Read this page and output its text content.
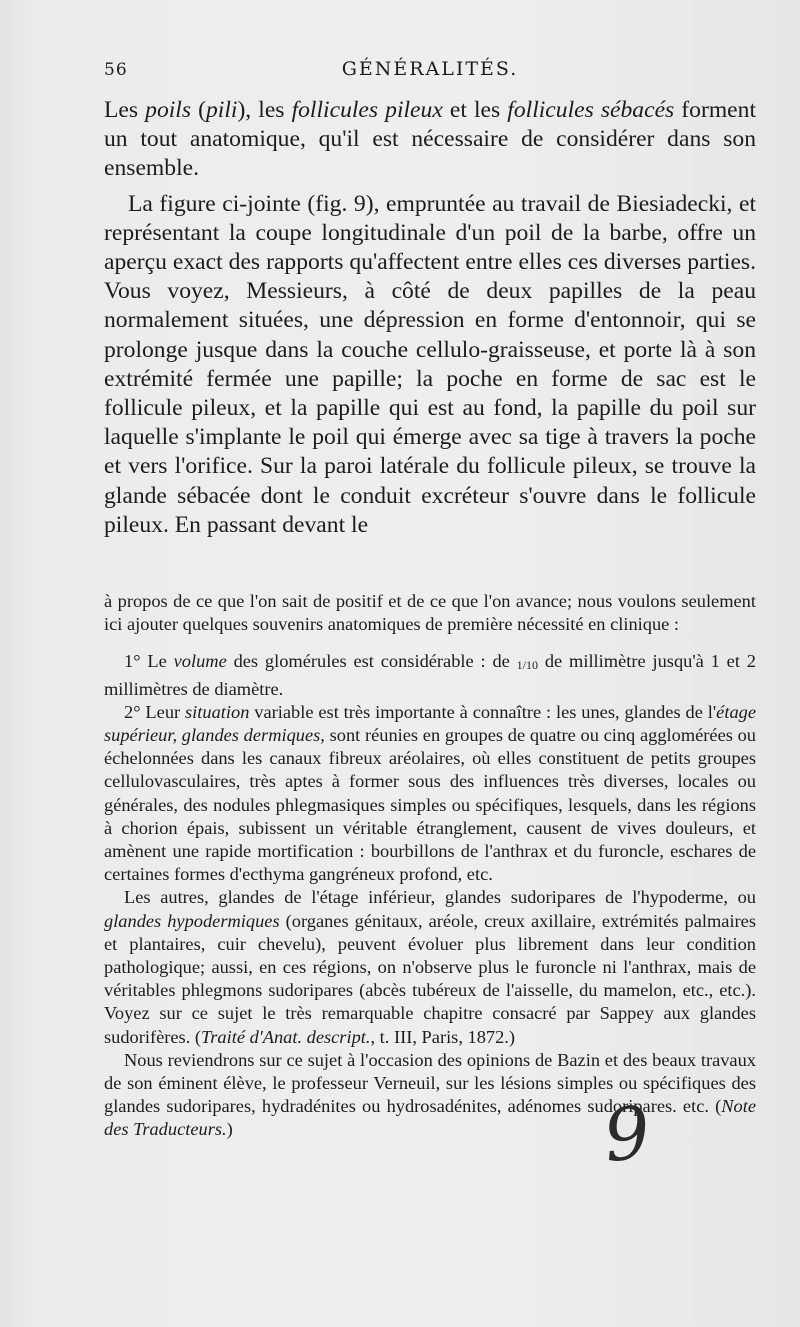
56	GÉNÉRALITÉS.

Les poils (pili), les follicules pileux et les follicules sébacés forment un tout anatomique, qu'il est nécessaire de considérer dans son ensemble.

La figure ci-jointe (fig. 9), empruntée au travail de Biesiadecki, et représentant la coupe longitudinale d'un poil de la barbe, offre un aperçu exact des rapports qu'affectent entre elles ces diverses parties. Vous voyez, Messieurs, à côté de deux papilles de la peau normalement situées, une dépression en forme d'entonnoir, qui se prolonge jusque dans la couche cellulo-graisseuse, et porte là à son extrémité fermée une papille; la poche en forme de sac est le follicule pileux, et la papille qui est au fond, la papille du poil sur laquelle s'implante le poil qui émerge avec sa tige à travers la poche et vers l'orifice. Sur la paroi latérale du follicule pileux, se trouve la glande sébacée dont le conduit excréteur s'ouvre dans le follicule pileux. En passant devant le

à propos de ce que l'on sait de positif et de ce que l'on avance; nous voulons seulement ici ajouter quelques souvenirs anatomiques de première nécessité en clinique :

1° Le volume des glomérules est considérable : de 1/10 de millimètre jusqu'à 1 et 2 millimètres de diamètre.

2° Leur situation variable est très importante à connaître : les unes, glandes de l'étage supérieur, glandes dermiques, sont réunies en groupes de quatre ou cinq agglomérées ou échelonnées dans les canaux fibreux aréolaires, où elles constituent de petits groupes cellulovasculaires, très aptes à former sous des influences très diverses, locales ou générales, des nodules phlegmasiques simples ou spécifiques, lesquels, dans les régions à chorion épais, subissent un véritable étranglement, causent de vives douleurs, et amènent une rapide mortification : bourbillons de l'anthrax et du furoncle, eschares de certaines formes d'ecthyma gangréneux profond, etc.

Les autres, glandes de l'étage inférieur, glandes sudoripares de l'hypoderme, ou glandes hypodermiques (organes génitaux, aréole, creux axillaire, extrémités palmaires et plantaires, cuir chevelu), peuvent évoluer plus librement dans leur condition pathologique; aussi, en ces régions, on n'observe plus le furoncle ni l'anthrax, mais de véritables phlegmons sudoripares (abcès tubéreux de l'aisselle, du mamelon, etc., etc.). Voyez sur ce sujet le très remarquable chapitre consacré par Sappey aux glandes sudorifères. (Traité d'Anat. descript., t. III, Paris, 1872.)

Nous reviendrons sur ce sujet à l'occasion des opinions de Bazin et des beaux travaux de son éminent élève, le professeur Verneuil, sur les lésions simples ou spécifiques des glandes sudoripares, hydradénites ou hydrosadénites, adénomes sudoripares. etc. (Note des Traducteurs.)	9
